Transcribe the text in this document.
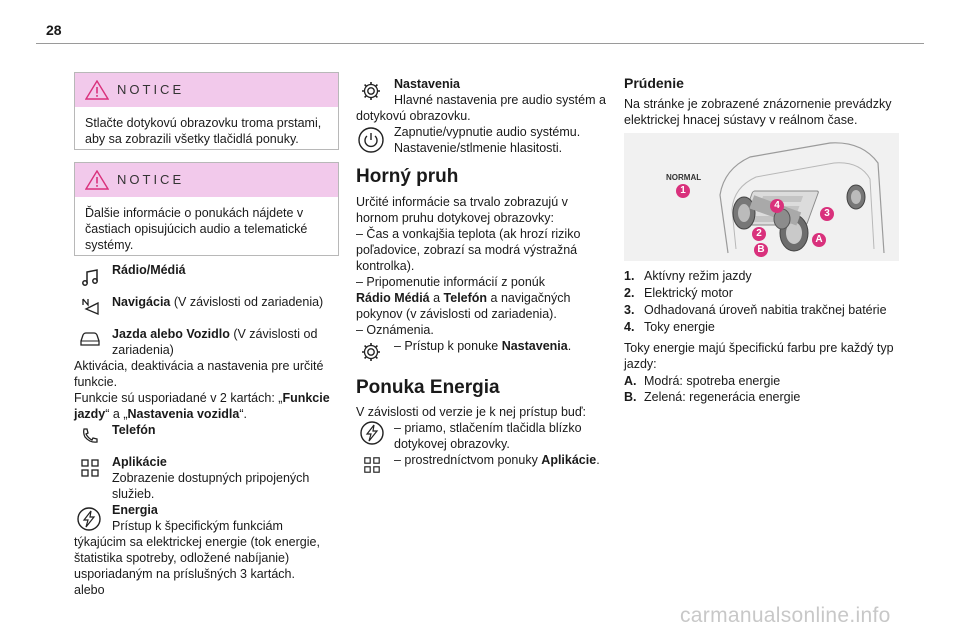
28
NOTICE
Stlačte dotykovú obrazovku troma prstami, aby sa zobrazili všetky tlačidlá ponuky.
NOTICE
Ďalšie informácie o ponukách nájdete v častiach opisujúcich audio a telematické systémy.
Rádio/Médiá
Navigácia (V závislosti od zariadenia)
Jazda alebo Vozidlo (V závislosti od zariadenia)
Aktivácia, deaktivácia a nastavenia pre určité funkcie.
Funkcie sú usporiadané v 2 kartách: „Funkcie jazdy“ a „Nastavenia vozidla“.
Telefón
Aplikácie
Zobrazenie dostupných pripojených služieb.
Energia
Prístup k špecifickým funkciám týkajúcim sa elektrickej energie (tok energie, štatistika spotreby, odložené nabíjanie) usporiadaným na príslušných 3 kartách.
alebo
Nastavenia
Hlavné nastavenia pre audio systém a dotykovú obrazovku.
Zapnutie/vypnutie audio systému.
Nastavenie/stlmenie hlasitosti.
Horný pruh
Určité informácie sa trvalo zobrazujú v hornom pruhu dotykovej obrazovky:
– Čas a vonkajšia teplota (ak hrozí riziko poľadovice, zobrazí sa modrá výstražná kontrolka).
– Pripomenutie informácií z ponúk
Rádio Médiá a Telefón a navigačných pokynov (v závislosti od zariadenia).
– Oznámenia.
– Prístup k ponuke Nastavenia.
Ponuka Energia
V závislosti od verzie je k nej prístup buď:
– priamo, stlačením tlačidla blízko dotykovej obrazovky.
– prostredníctvom ponuky Aplikácie.
Prúdenie
Na stránke je zobrazené znázornenie prevádzky elektrickej hnacej sústavy v reálnom čase.
NORMAL
1
2
3
4
A
B
1. Aktívny režim jazdy
2. Elektrický motor
3. Odhadovaná úroveň nabitia trakčnej batérie
4. Toky energie
Toky energie majú špecifickú farbu pre každý typ jazdy:
A. Modrá: spotreba energie
B. Zelená: regenerácia energie
carmanualsonline.info
